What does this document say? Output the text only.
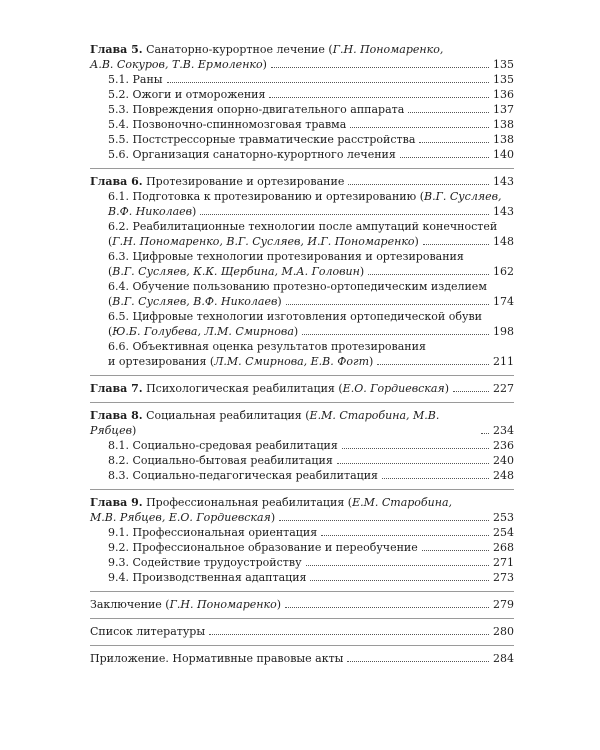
Глава 5. Санаторно-курортное лечение (Г.Н. Пономаренко,
А.В. Сокуров, Т.В. Ермоленко)	135
5.1. Раны	135
5.2. Ожоги и отморожения	136
5.3. Повреждения опорно-двигательного аппарата	137
5.4. Позвоночно-спинномозговая травма	138
5.5. Постстрессорные травматические расстройства	138
5.6. Организация санаторно-курортного лечения	140
Глава 6. Протезирование и ортезирование	143
6.1. Подготовка к протезированию и ортезированию (В.Г. Сусляев,
В.Ф. Николаев)	143
6.2. Реабилитационные технологии после ампутаций конечностей
(Г.Н. Пономаренко, В.Г. Сусляев, И.Г. Пономаренко)	148
6.3. Цифровые технологии протезирования и ортезирования
(В.Г. Сусляев, К.К. Щербина, М.А. Головин)	162
6.4. Обучение пользованию протезно-ортопедическим изделием
(В.Г. Сусляев, В.Ф. Николаев)	174
6.5. Цифровые технологии изготовления ортопедической обуви
(Ю.Б. Голубева, Л.М. Смирнова)	198
6.6. Объективная оценка результатов протезирования
и ортезирования (Л.М. Смирнова, Е.В. Фогт)	211
Глава 7. Психологическая реабилитация (Е.О. Гордиевская)	227
Глава 8. Социальная реабилитация (Е.М. Старобина, М.В. Рябцев)	234
8.1. Социально-средовая реабилитация	236
8.2. Социально-бытовая реабилитация	240
8.3. Социально-педагогическая реабилитация	248
Глава 9. Профессиональная реабилитация (Е.М. Старобина,
М.В. Рябцев, Е.О. Гордиевская)	253
9.1. Профессиональная ориентация	254
9.2. Профессиональное образование и переобучение	268
9.3. Содействие трудоустройству	271
9.4. Производственная адаптация	273
Заключение (Г.Н. Пономаренко)	279
Список литературы	280
Приложение. Нормативные правовые акты	284
